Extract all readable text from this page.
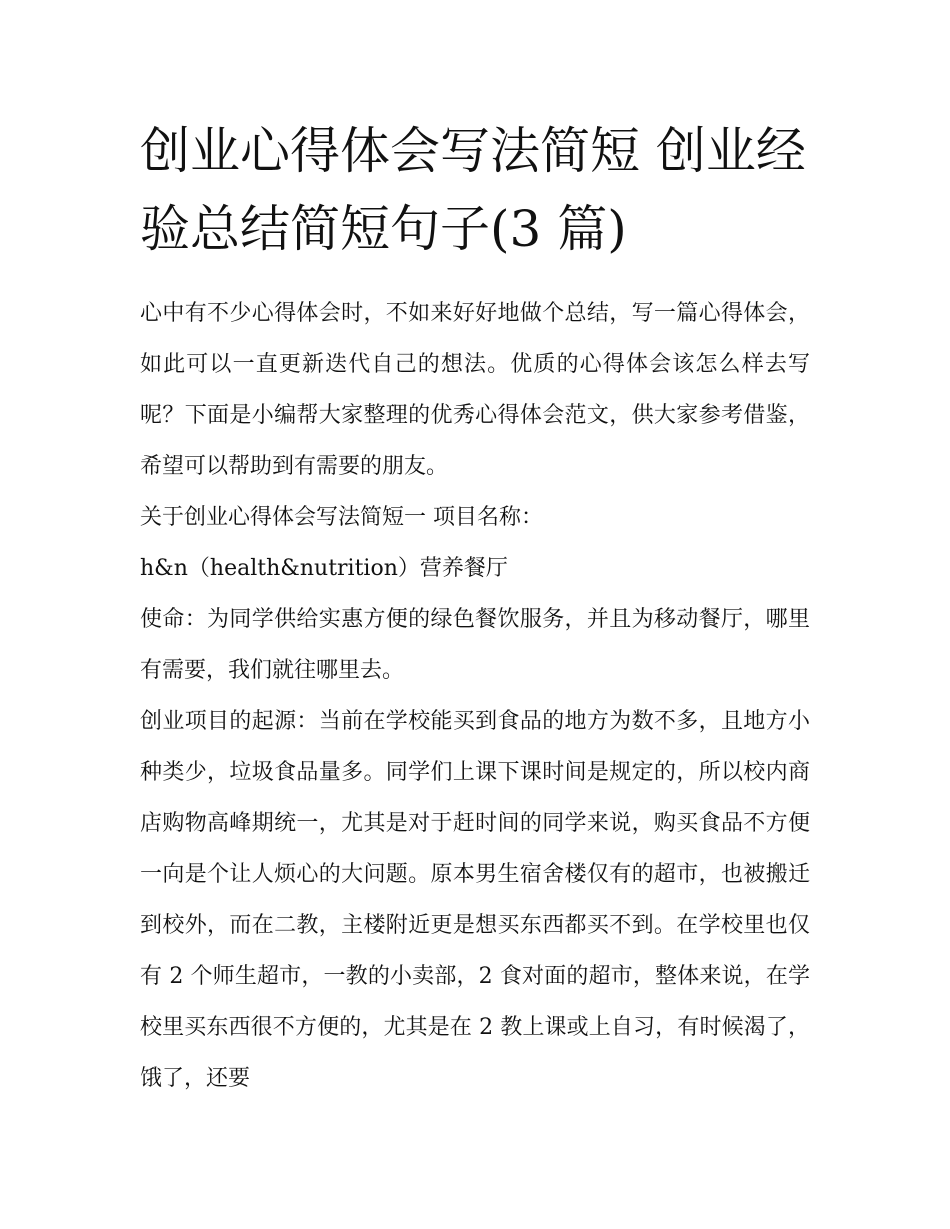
创业心得体会写法简短 创业经验总结简短句子(3 篇)

心中有不少心得体会时，不如来好好地做个总结，写一篇心得体会，如此可以一直更新迭代自己的想法。优质的心得体会该怎么样去写呢？下面是小编帮大家整理的优秀心得体会范文，供大家参考借鉴，希望可以帮助到有需要的朋友。

关于创业心得体会写法简短一 项目名称：

h&n（health&nutrition）营养餐厅

使命：为同学供给实惠方便的绿色餐饮服务，并且为移动餐厅，哪里有需要，我们就往哪里去。

创业项目的起源：当前在学校能买到食品的地方为数不多，且地方小种类少，垃圾食品量多。同学们上课下课时间是规定的，所以校内商店购物高峰期统一，尤其是对于赶时间的同学来说，购买食品不方便一向是个让人烦心的大问题。原本男生宿舍楼仅有的超市，也被搬迁到校外，而在二教，主楼附近更是想买东西都买不到。在学校里也仅有 2 个师生超市，一教的小卖部，2 食对面的超市，整体来说，在学校里买东西很不方便的，尤其是在 2 教上课或上自习，有时候渴了，饿了，还要
